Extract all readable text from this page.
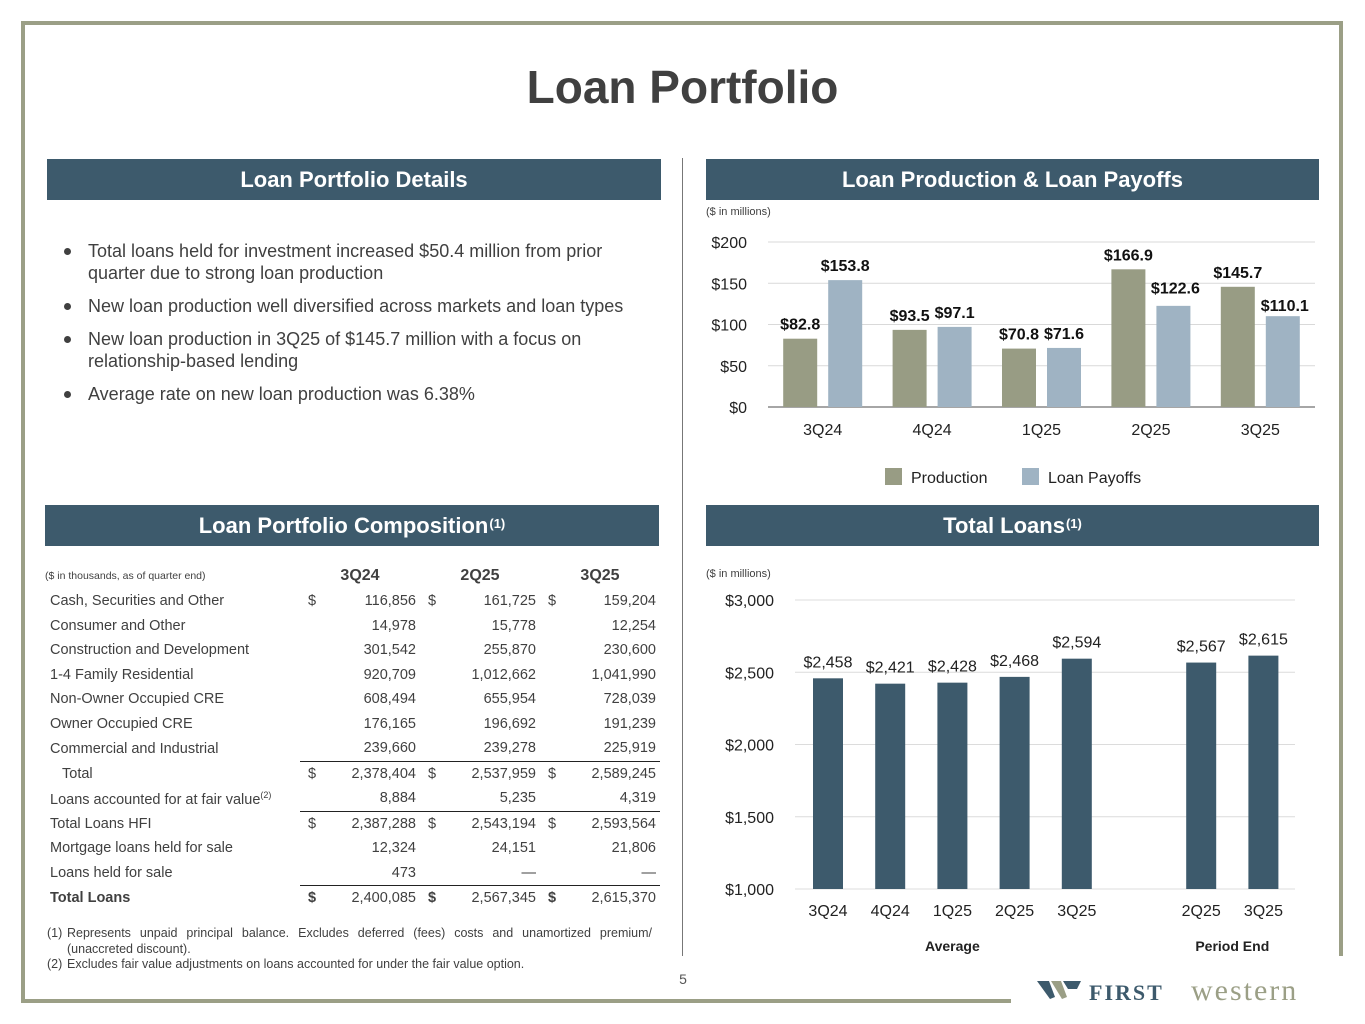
Loan Portfolio
Loan Portfolio Details
Total loans held for investment increased $50.4 million from prior quarter due to strong loan production
New loan production well diversified across markets and loan types
New loan production in 3Q25 of $145.7 million with a focus on relationship-based lending
Average rate on new loan production was 6.38%
Loan Portfolio Composition$^{(1)}$
($ in thousands, as of quarter end)	3Q24		2Q25		3Q25	
Cash, Securities and Other	$	116,856	$	161,725	$	159,204
Consumer and Other		14,978		15,778		12,254
Construction and Development		301,542		255,870		230,600
1-4 Family Residential		920,709		1,012,662		1,041,990
Non-Owner Occupied CRE		608,494		655,954		728,039
Owner Occupied CRE		176,165		196,692		191,239
Commercial and Industrial		239,660		239,278		225,919
Total	$	2,378,404	$	2,537,959	$	2,589,245
Loans accounted for at fair value$^{(2)}$		8,884		5,235		4,319
Total Loans HFI	$	2,387,288	$	2,543,194	$	2,593,564
Mortgage loans held for sale		12,324		24,151		21,806
Loans held for sale		473		—		—
Total Loans	$	2,400,085	$	2,567,345	$	2,615,370
(1) Represents unpaid principal balance. Excludes deferred (fees) costs and unamortized premium/ (unaccreted discount).
(2) Excludes fair value adjustments on loans accounted for under the fair value option.
Loan Production & Loan Payoffs
($ in millions)
$0
$50
$100
$150
$200
3Q24
$82.8
$153.8
4Q24
$93.5 $97.1
1Q25
$70.8 $71.6
2Q25
$166.9
$122.6
3Q25
$145.7
$110.1
Production	Loan Payoffs
Total Loans$^{(1)}$
($ in millions)
$1,000
$1,500
$2,000
$2,500
$3,000
$2,458
3Q24
$2,421
4Q24
$2,428
1Q25
$2,468
2Q25
$2,594
3Q25
$2,567
2Q25
$2,615
3Q25
Average	Period End
5
FIRST western
